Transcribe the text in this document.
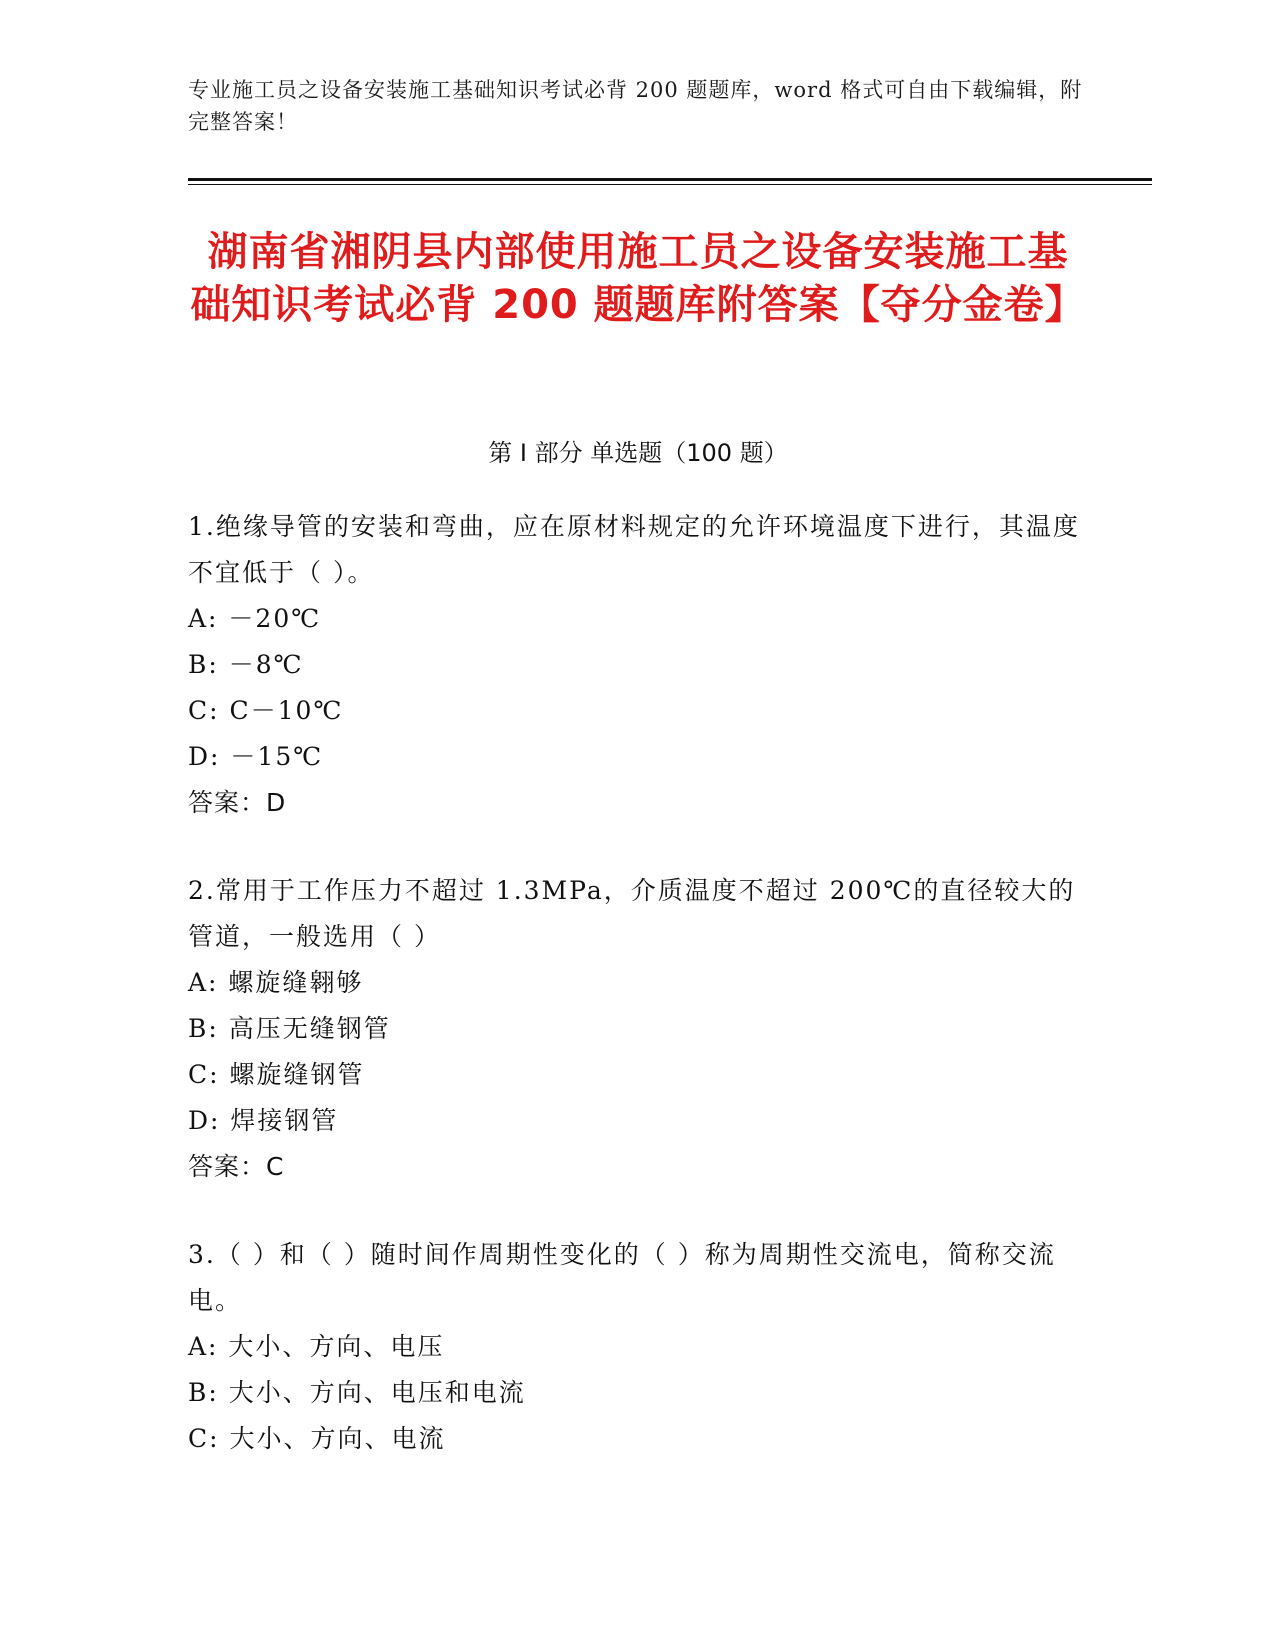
专业施工员之设备安装施工基础知识考试必背 200 题题库，word 格式可自由下载编辑，附完整答案！
湖南省湘阴县内部使用施工员之设备安装施工基础知识考试必背 200 题题库附答案【夺分金卷】
第 I 部分 单选题（100 题）
1.绝缘导管的安装和弯曲，应在原材料规定的允许环境温度下进行，其温度不宜低于（ ）。
A: －20℃
B: －8℃
C: C－10℃
D: －15℃
答案：D
2.常用于工作压力不超过 1.3MPa，介质温度不超过 200℃的直径较大的管道，一般选用（ ）
A: 螺旋缝翱够
B: 高压无缝钢管
C: 螺旋缝钢管
D: 焊接钢管
答案：C
3.（ ）和（ ）随时间作周期性变化的（ ）称为周期性交流电，简称交流电。
A: 大小、方向、电压
B: 大小、方向、电压和电流
C: 大小、方向、电流
